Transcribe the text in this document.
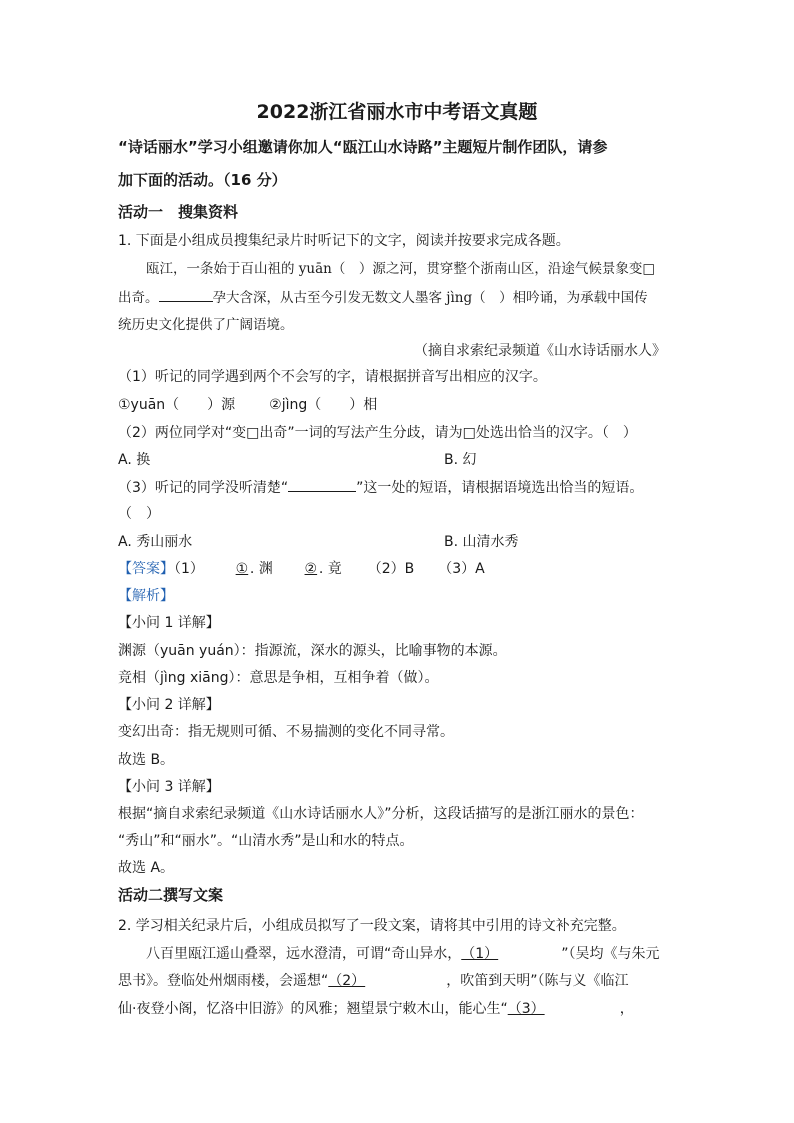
2022浙江省丽水市中考语文真题
“诗话丽水”学习小组邀请你加人“瓯江山水诗路”主题短片制作团队，请参
加下面的活动。（16 分）
活动一　搜集资料
1. 下面是小组成员搜集纪录片时听记下的文字，阅读并按要求完成各题。
瓯江，一条始于百山祖的 yuān（　）源之河，贯穿整个浙南山区，沿途气候景象变□
出奇。	孕大含深，从古至今引发无数文人墨客 jìng（　）相吟诵，为承载中国传
统历史文化提供了广阔语境。
（摘自求索纪录频道《山水诗话丽水人》
（1）听记的同学遇到两个不会写的字，请根据拼音写出相应的汉字。
①yuān（　　）源 ②jìng（　　）相
（2）两位同学对“变□出奇”一词的写法产生分歧，请为□处选出恰当的汉字。（　）
A. 换	B. 幻
（3）听记的同学没听清楚“	”这一处的短语，请根据语境选出恰当的短语。
（　）
A. 秀山丽水	B. 山清水秀
【答案】（1） ① . 渊 ② . 竟 （2）B （3）A
【解析】
【小问 1 详解】
渊源（yuān yuán）：指源流，深水的源头，比喻事物的本源。
竞相（jìng xiāng）：意思是争相，互相争着（做）。
【小问 2 详解】
变幻出奇：指无规则可循、不易揣测的变化不同寻常。
故选 B。
【小问 3 详解】
根据“摘自求索纪录频道《山水诗话丽水人》”分析，这段话描写的是浙江丽水的景色：
“秀山”和“丽水”。“山清水秀”是山和水的特点。
故选 A。
活动二撰写文案
2. 学习相关纪录片后，小组成员拟写了一段文案，请将其中引用的诗文补充完整。
八百里瓯江遥山叠翠，远水澄清，可谓“奇山异水，（1）	”（吴均《与朱元
思书》。登临处州烟雨楼，会遥想“（2）	，吹笛到天明”（陈与义《临江
仙·夜登小阁，忆洛中旧游》的风雅；翘望景宁敕木山，能心生“（3）	，
